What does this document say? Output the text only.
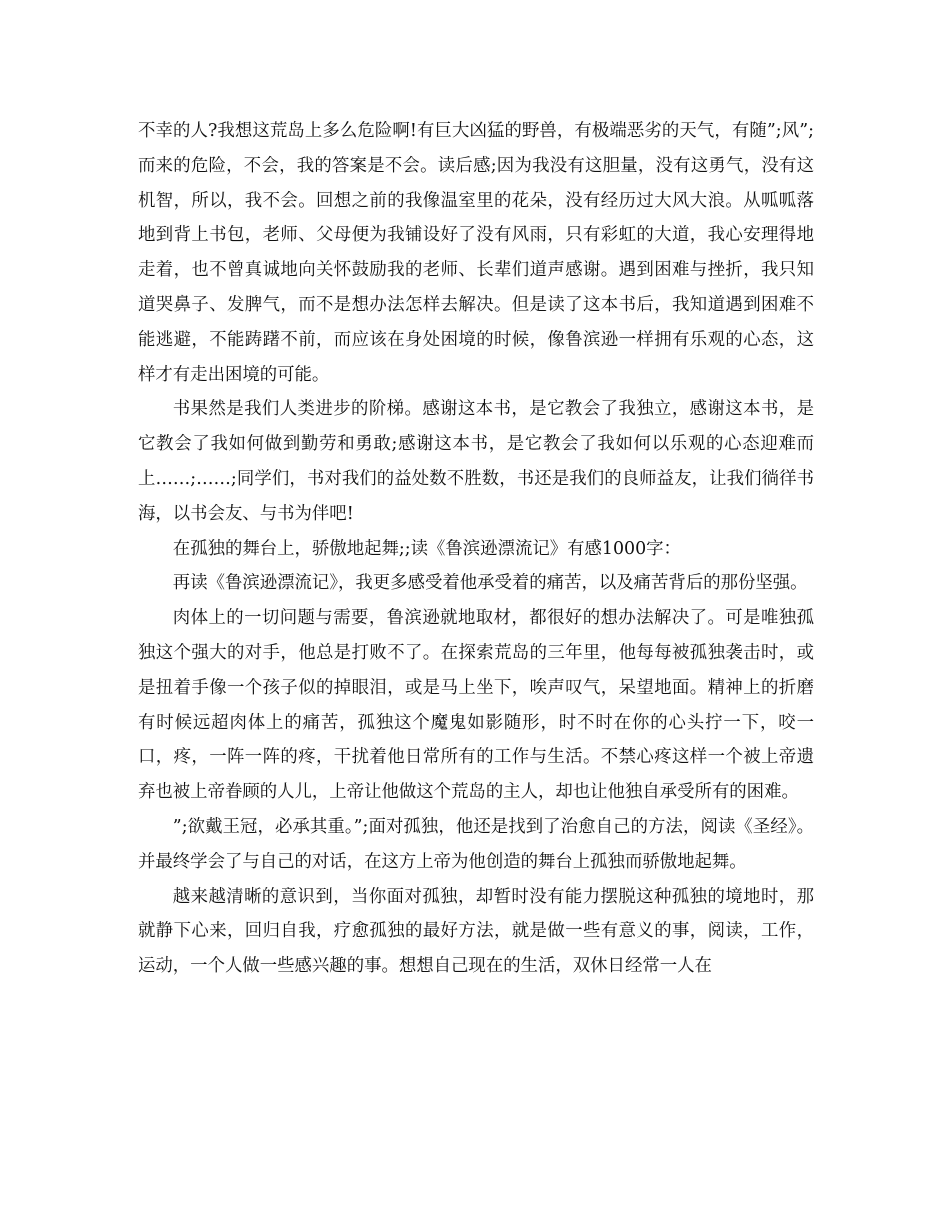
不幸的人?我想这荒岛上多么危险啊!有巨大凶猛的野兽，有极端恶劣的天气，有随”;风”;而来的危险，不会，我的答案是不会。读后感;因为我没有这胆量，没有这勇气，没有这机智，所以，我不会。回想之前的我像温室里的花朵，没有经历过大风大浪。从呱呱落地到背上书包，老师、父母便为我铺设好了没有风雨，只有彩虹的大道，我心安理得地走着，也不曾真诚地向关怀鼓励我的老师、长辈们道声感谢。遇到困难与挫折，我只知道哭鼻子、发脾气，而不是想办法怎样去解决。但是读了这本书后，我知道遇到困难不能逃避，不能踌躇不前，而应该在身处困境的时候，像鲁滨逊一样拥有乐观的心态，这样才有走出困境的可能。

书果然是我们人类进步的阶梯。感谢这本书，是它教会了我独立，感谢这本书，是它教会了我如何做到勤劳和勇敢;感谢这本书，是它教会了我如何以乐观的心态迎难而上……;……;同学们，书对我们的益处数不胜数，书还是我们的良师益友，让我们徜徉书海，以书会友、与书为伴吧!

在孤独的舞台上，骄傲地起舞;;读《鲁滨逊漂流记》有感1000字：

再读《鲁滨逊漂流记》，我更多感受着他承受着的痛苦，以及痛苦背后的那份坚强。

肉体上的一切问题与需要，鲁滨逊就地取材，都很好的想办法解决了。可是唯独孤独这个强大的对手，他总是打败不了。在探索荒岛的三年里，他每每被孤独袭击时，或是扭着手像一个孩子似的掉眼泪，或是马上坐下，唉声叹气，呆望地面。精神上的折磨有时候远超肉体上的痛苦，孤独这个魔鬼如影随形，时不时在你的心头拧一下，咬一口，疼，一阵一阵的疼，干扰着他日常所有的工作与生活。不禁心疼这样一个被上帝遗弃也被上帝眷顾的人儿，上帝让他做这个荒岛的主人，却也让他独自承受所有的困难。

”;欲戴王冠，必承其重。”;面对孤独，他还是找到了治愈自己的方法，阅读《圣经》。并最终学会了与自己的对话，在这方上帝为他创造的舞台上孤独而骄傲地起舞。

越来越清晰的意识到，当你面对孤独，却暂时没有能力摆脱这种孤独的境地时，那就静下心来，回归自我，疗愈孤独的最好方法，就是做一些有意义的事，阅读，工作，运动，一个人做一些感兴趣的事。想想自己现在的生活，双休日经常一人在
